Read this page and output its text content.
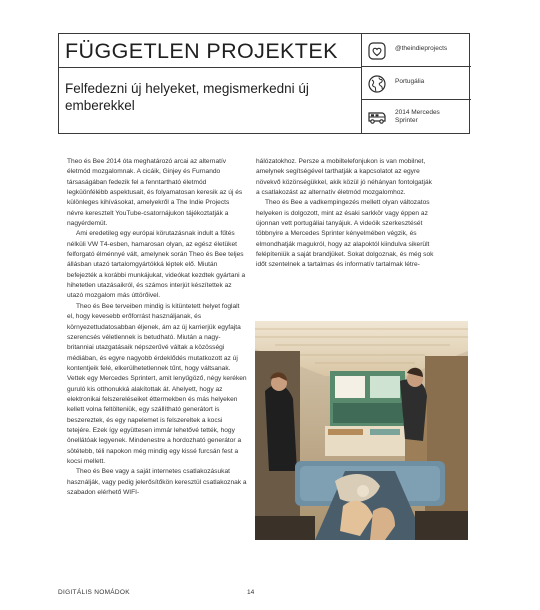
FÜGGETLEN PROJEKTEK
Felfedezni új helyeket, megismerkedni új emberekkel
@theindieprojects
Portugália
2014 Mercedes
Sprinter

Theo és Bee 2014 óta meghatározó arcai az alternatív életmód mozgalomnak. A cicáik, Ginjey és Furnando társaságában fedezik fel a fenntartható életmód legküönfélébb aspektusait, és folyamatosan keresik az új és különleges kihívásokat, amelyekről a The Indie Projects névre keresztelt YouTube-csatornájukon tájékoztatják a nagyérdemüt.

Ami eredetileg egy európai körutazásnak indult a fűtés nélküli VW T4-esben, hamarosan olyan, az egész életüket felforgató élménnyé vált, amelynek során Theo és Bee teljes állásban utazó tartalomgyártókká léptek elő. Miután befejezték a korábbi munkájukat, videókat kezdtek gyártani a hihetetlen utazásaikról, és számos interjút készítettek az utazó mozgalom más úttörőivel.

Theo és Bee terveiben mindig is kitüntetett helyet foglalt el, hogy kevesebb erőforrást használjanak, és környezettudatosabban éljenek, ám az új karrierjük egyfajta szerencsés véletlennek is betudható. Miután a nagy-britanniai utazgatásaik népszerűvé váltak a közösségi médiában, és egyre nagyobb érdeklődés mutatkozott az új kontentjeik felé, elkerülhetetlennek tűnt, hogy váltsanak. Vettek egy Mercedes Sprintert, amit lenyűgöző, négy keréken guruló kis otthonukká alakítottak át. Ahelyett, hogy az elektronikai felszereléseiket éttermekben és más helyeken kellett volna feltölteniük, egy szállítható generátort is beszereztek, és egy napelemet is felszereltek a kocsi tetejére. Ezek így együttesen immár lehetővé tették, hogy önellátóak legyenek. Mindenestre a hordozható generátor a sötétebb, téli napokon még mindig egy kissé furcsán fest a kocsi mellett.

Theo és Bee vagy a saját internetes csatlakozásukat használják, vagy pedig jelerősítőkön keresztül csatlakoznak a szabadon elérhető WIFI-

hálózatokhoz. Persze a mobiltelefonjukon is van mobilnet, amelynek segítségével tarthatják a kapcsolatot az egyre növekvő közönségükkel, akik közül jó néhányan fontolgatják a csatlakozást az alternatív életmód mozgalomhoz.

Theo és Bee a vadkempingezés mellett olyan változatos helyeken is dolgozott, mint az ésaki sarkkör vagy éppen az újonnan vett portugáliai tanyájuk. A videóik szerkesztését többnyire a Mercedes Sprinter kényelmében végzik, és elmondhatják magukról, hogy az alapoktól kiindulva sikerült felépíteniük a saját brandjüket. Sokat dolgoznak, és még sok időt szentelnek a tartalmas és informatív tartalmak létre-

DIGITÁLIS NOMÁDOK	14
